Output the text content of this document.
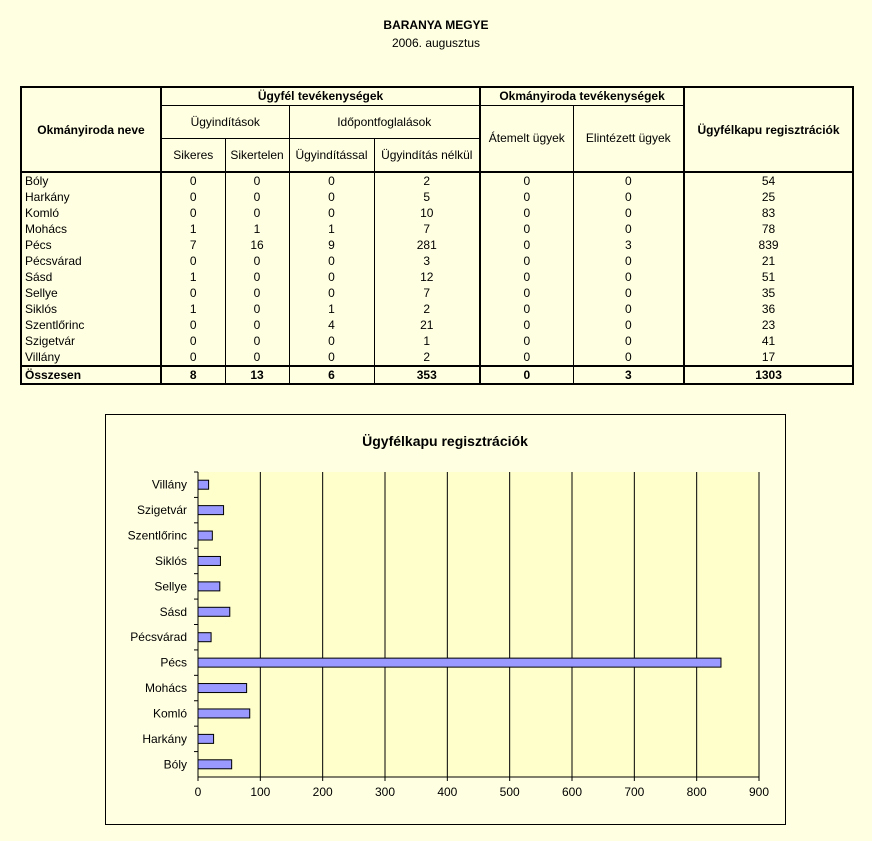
BARANYA MEGYE
2006. augusztus
Okmányiroda neve	Ügyfél tevékenységek				Okmányiroda tevékenységek		Ügyfélkapu regisztrációk
	Ügyindítások		Időpontfoglalások		Átemelt ügyek	Elintézett ügyek	
	Sikeres	Sikertelen	Ügyindítással	Ügyindítás nélkül			
Bóly	0	0	0	2	0	0	54
Harkány	0	0	0	5	0	0	25
Komló	0	0	0	10	0	0	83
Mohács	1	1	1	7	0	0	78
Pécs	7	16	9	281	0	3	839
Pécsvárad	0	0	0	3	0	0	21
Sásd	1	0	0	12	0	0	51
Sellye	0	0	0	7	0	0	35
Siklós	1	0	1	2	0	0	36
Szentlőrinc	0	0	4	21	0	0	23
Szigetvár	0	0	0	1	0	0	41
Villány	0	0	0	2	0	0	17
Összesen	8	13	6	353	0	3	1303
Ügyfélkapu regisztrációk
0	100	200	300	400	500	600	700	800	900
Bóly
Harkány
Komló
Mohács
Pécs
Pécsvárad
Sásd
Sellye
Siklós
Szentlőrinc
Szigetvár
Villány
